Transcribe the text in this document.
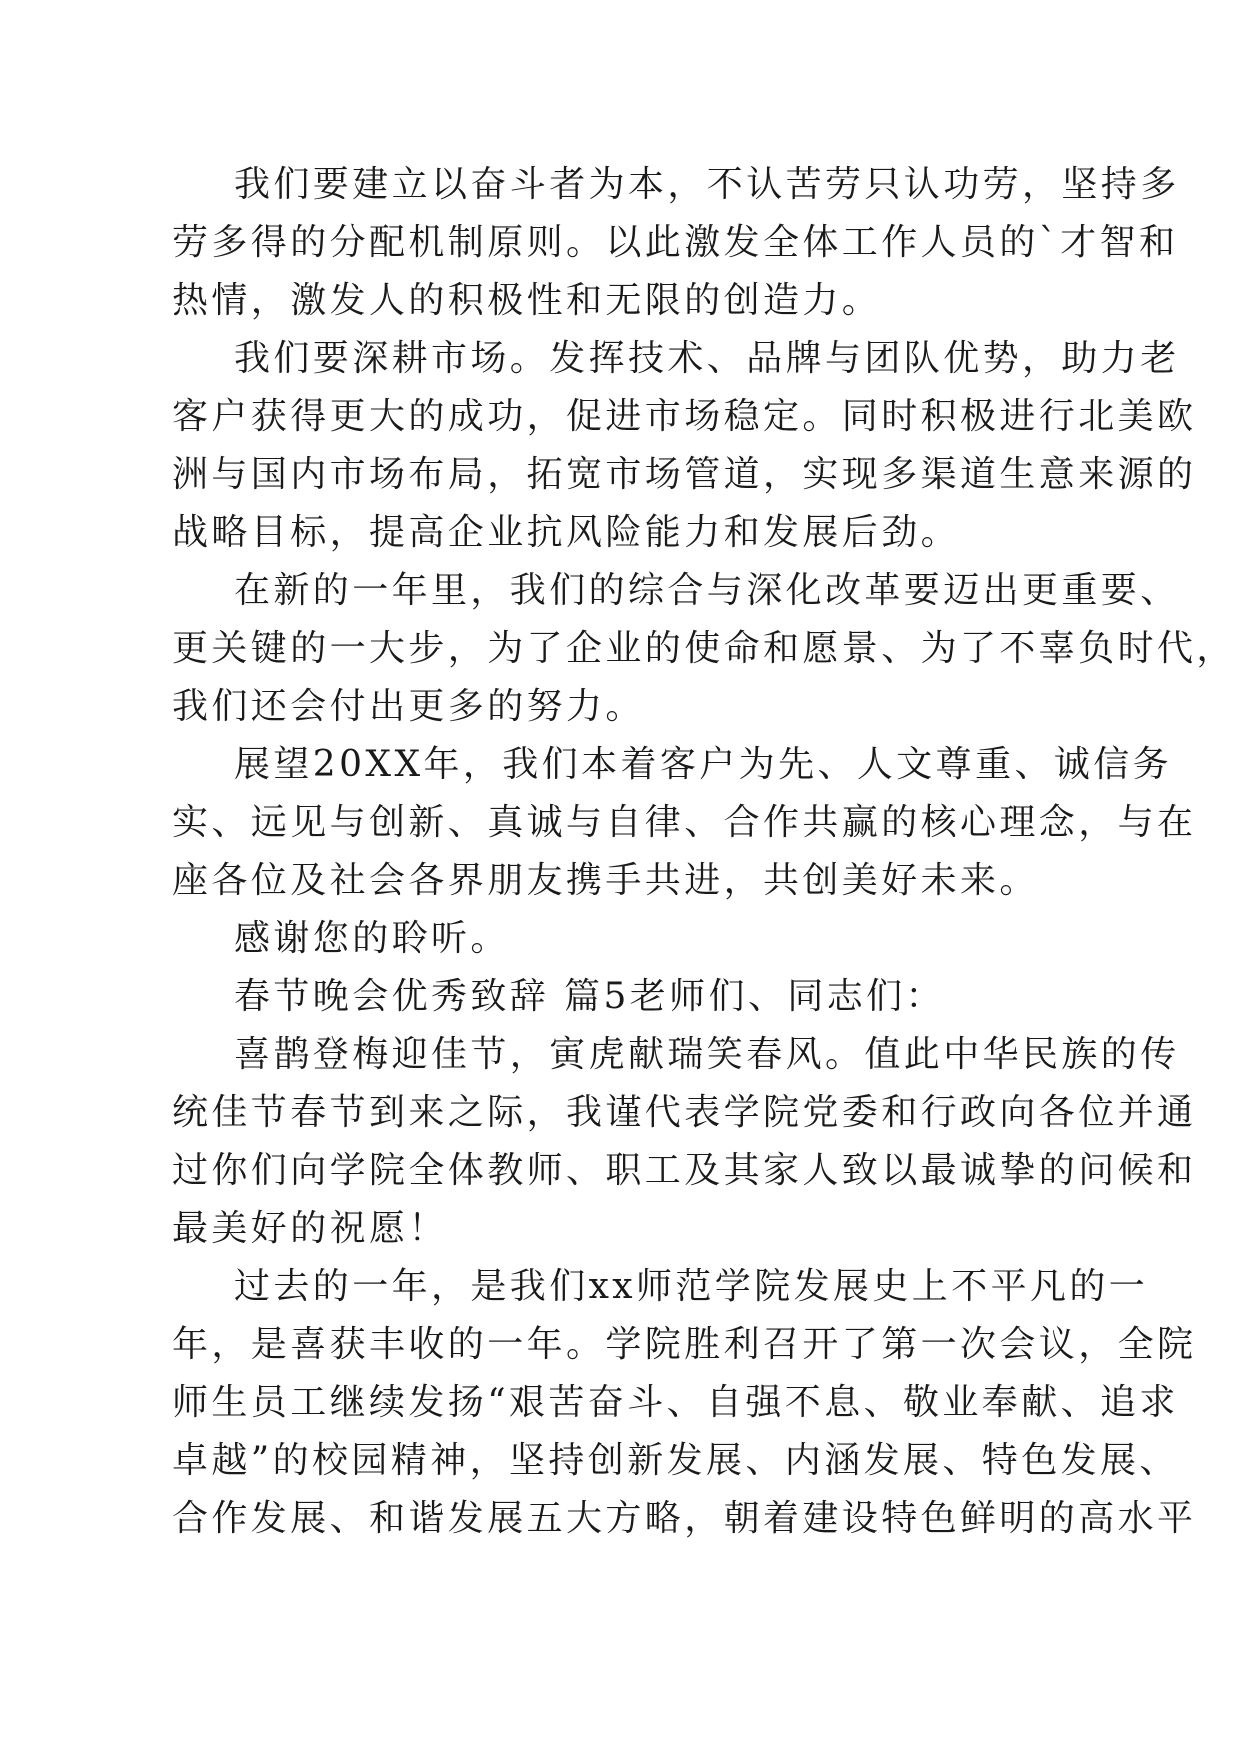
我们要建立以奋斗者为本，不认苦劳只认功劳，坚持多
劳多得的分配机制原则。以此激发全体工作人员的`才智和
热情，激发人的积极性和无限的创造力。
我们要深耕市场。发挥技术、品牌与团队优势，助力老
客户获得更大的成功，促进市场稳定。同时积极进行北美欧
洲与国内市场布局，拓宽市场管道，实现多渠道生意来源的
战略目标，提高企业抗风险能力和发展后劲。
在新的一年里，我们的综合与深化改革要迈出更重要、
更关键的一大步，为了企业的使命和愿景、为了不辜负时代，
我们还会付出更多的努力。
展望20XX年，我们本着客户为先、人文尊重、诚信务
实、远见与创新、真诚与自律、合作共赢的核心理念，与在
座各位及社会各界朋友携手共进，共创美好未来。
感谢您的聆听。
春节晚会优秀致辞 篇5老师们、同志们：
喜鹊登梅迎佳节，寅虎献瑞笑春风。值此中华民族的传
统佳节春节到来之际，我谨代表学院党委和行政向各位并通
过你们向学院全体教师、职工及其家人致以最诚挚的问候和
最美好的祝愿！
过去的一年，是我们xx师范学院发展史上不平凡的一
年，是喜获丰收的一年。学院胜利召开了第一次会议，全院
师生员工继续发扬“艰苦奋斗、自强不息、敬业奉献、追求
卓越”的校园精神，坚持创新发展、内涵发展、特色发展、
合作发展、和谐发展五大方略，朝着建设特色鲜明的高水平
